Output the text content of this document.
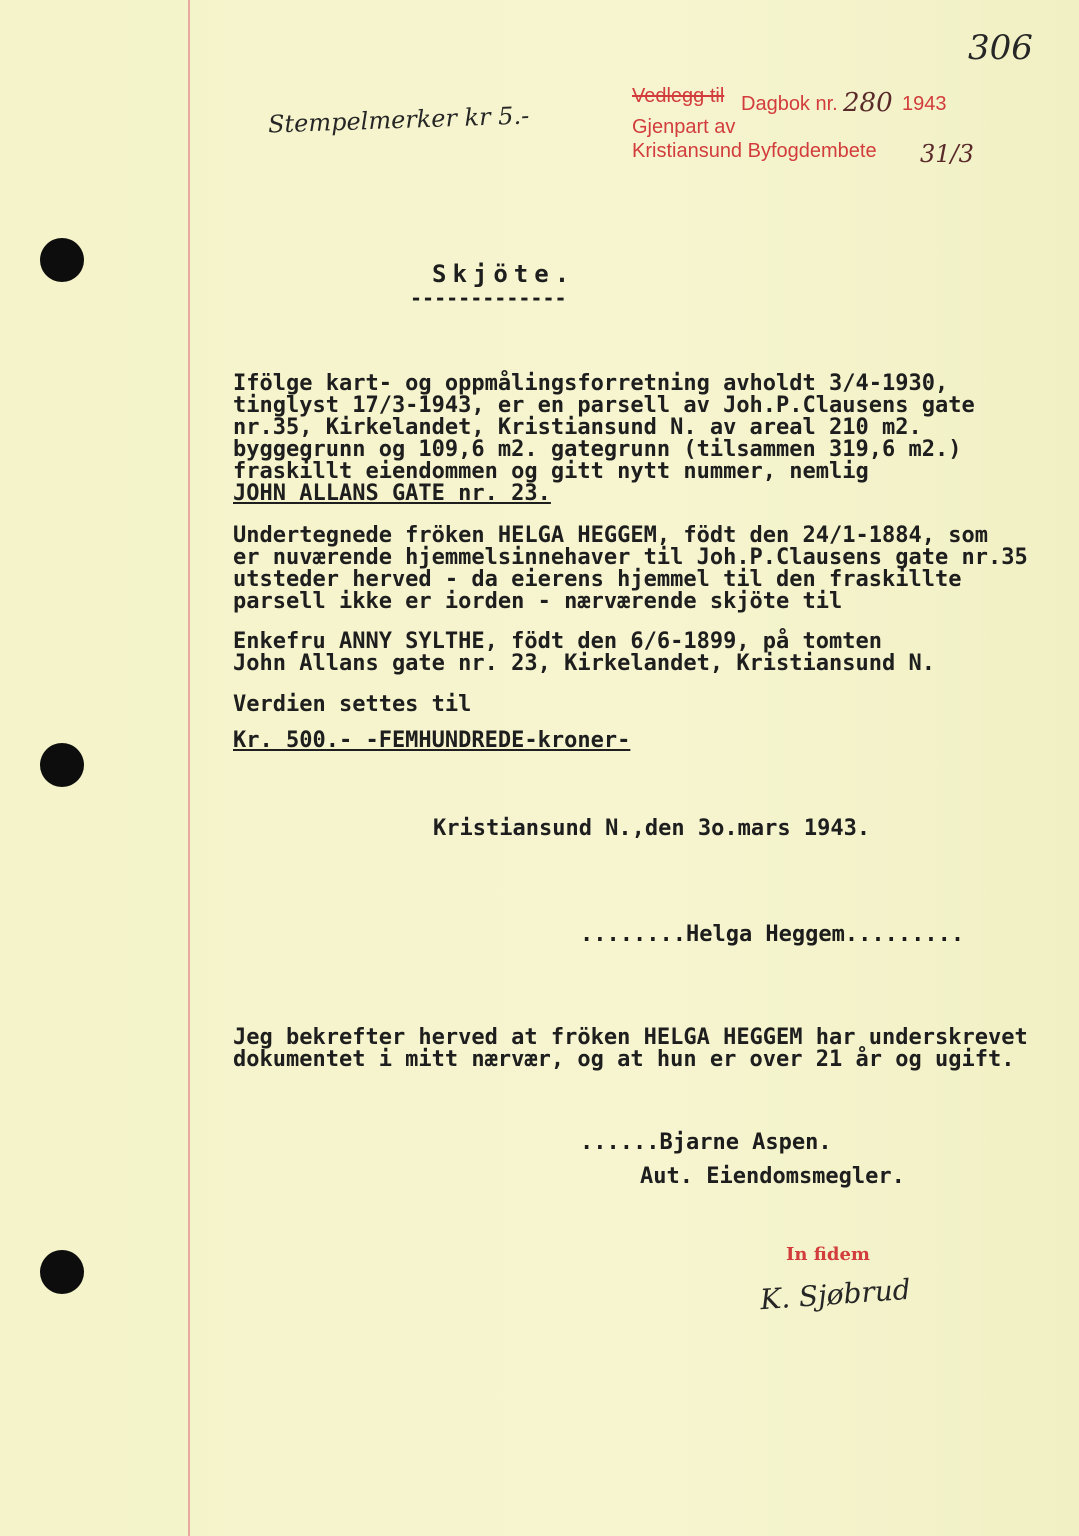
306
Stempelmerker kr 5.-
Vedlegg til Dagbok nr. 280 1943
Gjenpart av
Kristiansund Byfogdembete 31/3
Skjöte.
-------------
Ifölge kart- og oppmålingsforretning avholdt 3/4-1930,
tinglyst 17/3-1943, er en parsell av Joh.P.Clausens gate
nr.35, Kirkelandet, Kristiansund N. av areal 210 m2.
byggegrunn og 109,6 m2. gategrunn (tilsammen 319,6 m2.)
fraskillt eiendommen og gitt nytt nummer, nemlig
JOHN ALLANS GATE nr. 23.
Undertegnede fröken HELGA HEGGEM, födt den 24/1-1884, som
er nuværende hjemmelsinnehaver til Joh.P.Clausens gate nr.35
utsteder herved - da eierens hjemmel til den fraskillte
parsell ikke er iorden - nærværende skjöte til
Enkefru ANNY SYLTHE, födt den 6/6-1899, på tomten
John Allans gate nr. 23, Kirkelandet, Kristiansund N.
Verdien settes til
Kr. 500.- -FEMHUNDREDE-kroner-
Kristiansund N.,den 3o.mars 1943.
........Helga Heggem.........
Jeg bekrefter herved at fröken HELGA HEGGEM har underskrevet
dokumentet i mitt nærvær, og at hun er over 21 år og ugift.
......Bjarne Aspen.
Aut. Eiendomsmegler.
In fidem
K. Sjøbrud
